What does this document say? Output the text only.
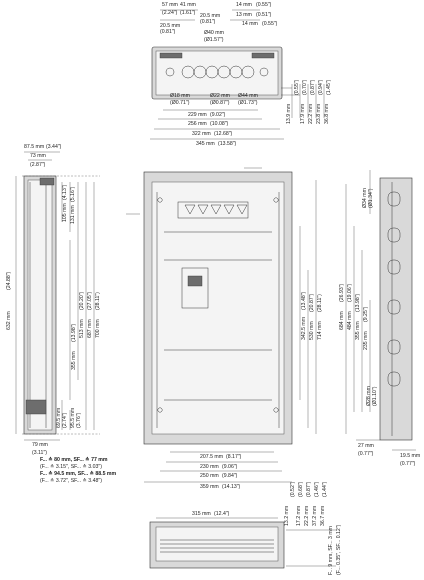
57 mm
(2.24")
41 mm
(1.61")
14 mm (0.55")
20.5 mm
(0.81")
20.5 mm
(0.81")
13 mm (0.51")
14 mm (0.55")
Ø40 mm
(Ø1.57")
Ø18 mm
(Ø0.71")
Ø22 mm
(Ø0.87")
Ø44 mm
(Ø1.73")
229 mm (9.02")
256 mm (10.08")
322 mm (12.68")
345 mm (13.58")
13.9 mm
(0.55")
17.9 mm
(0.70")
22.2 mm
(0.87")
23.8 mm
(0.94")
36.8 mm
(1.45")
87.5 mm (3.44")
73 mm
(2.87")
632 mm
(24.88")
105 mm
(4.13")
131 mm
(5.16")
513 mm
(20.20")
687 mm
(27.05")
700 mm
(28.11")
355 mm
(13.98")
69.5 mm (2.74") 95.5 mm (3.76")
79 mm
(3.11")
F... ≙ 80 mm, SF... ≙ 77 mm
(F... ≙ 3.15", SF... ≙ 3.03")
F... ≙ 94.5 mm, SF... ≙ 88.5 mm
(F... ≙ 3.72", SF... ≙ 3.48")
342.5 mm
(13.48")
530 mm
(20.87")
714 mm
(28.11")
207.5 mm (8.17")
230 mm (9.06")
250 mm (9.84")
359 mm (14.13")
Ø34 mm (Ø1.34")
684 mm
(26.93")
484 mm
(19.06")
355 mm
(13.98")
235 mm
(9.25")
Ø28 mm (Ø1.10")
27 mm
(0.77")	19.5 mm
(0.77")
315 mm (12.4")	13.2 mm
(0.52")
17.2 mm
(0.68")
22.2 mm
(0.87")
37.2 mm
(1.46")
36.7 mm
(1.44")
F... 9 mm, SF... 3 mm (F... 0.35", SF... 0.12")
